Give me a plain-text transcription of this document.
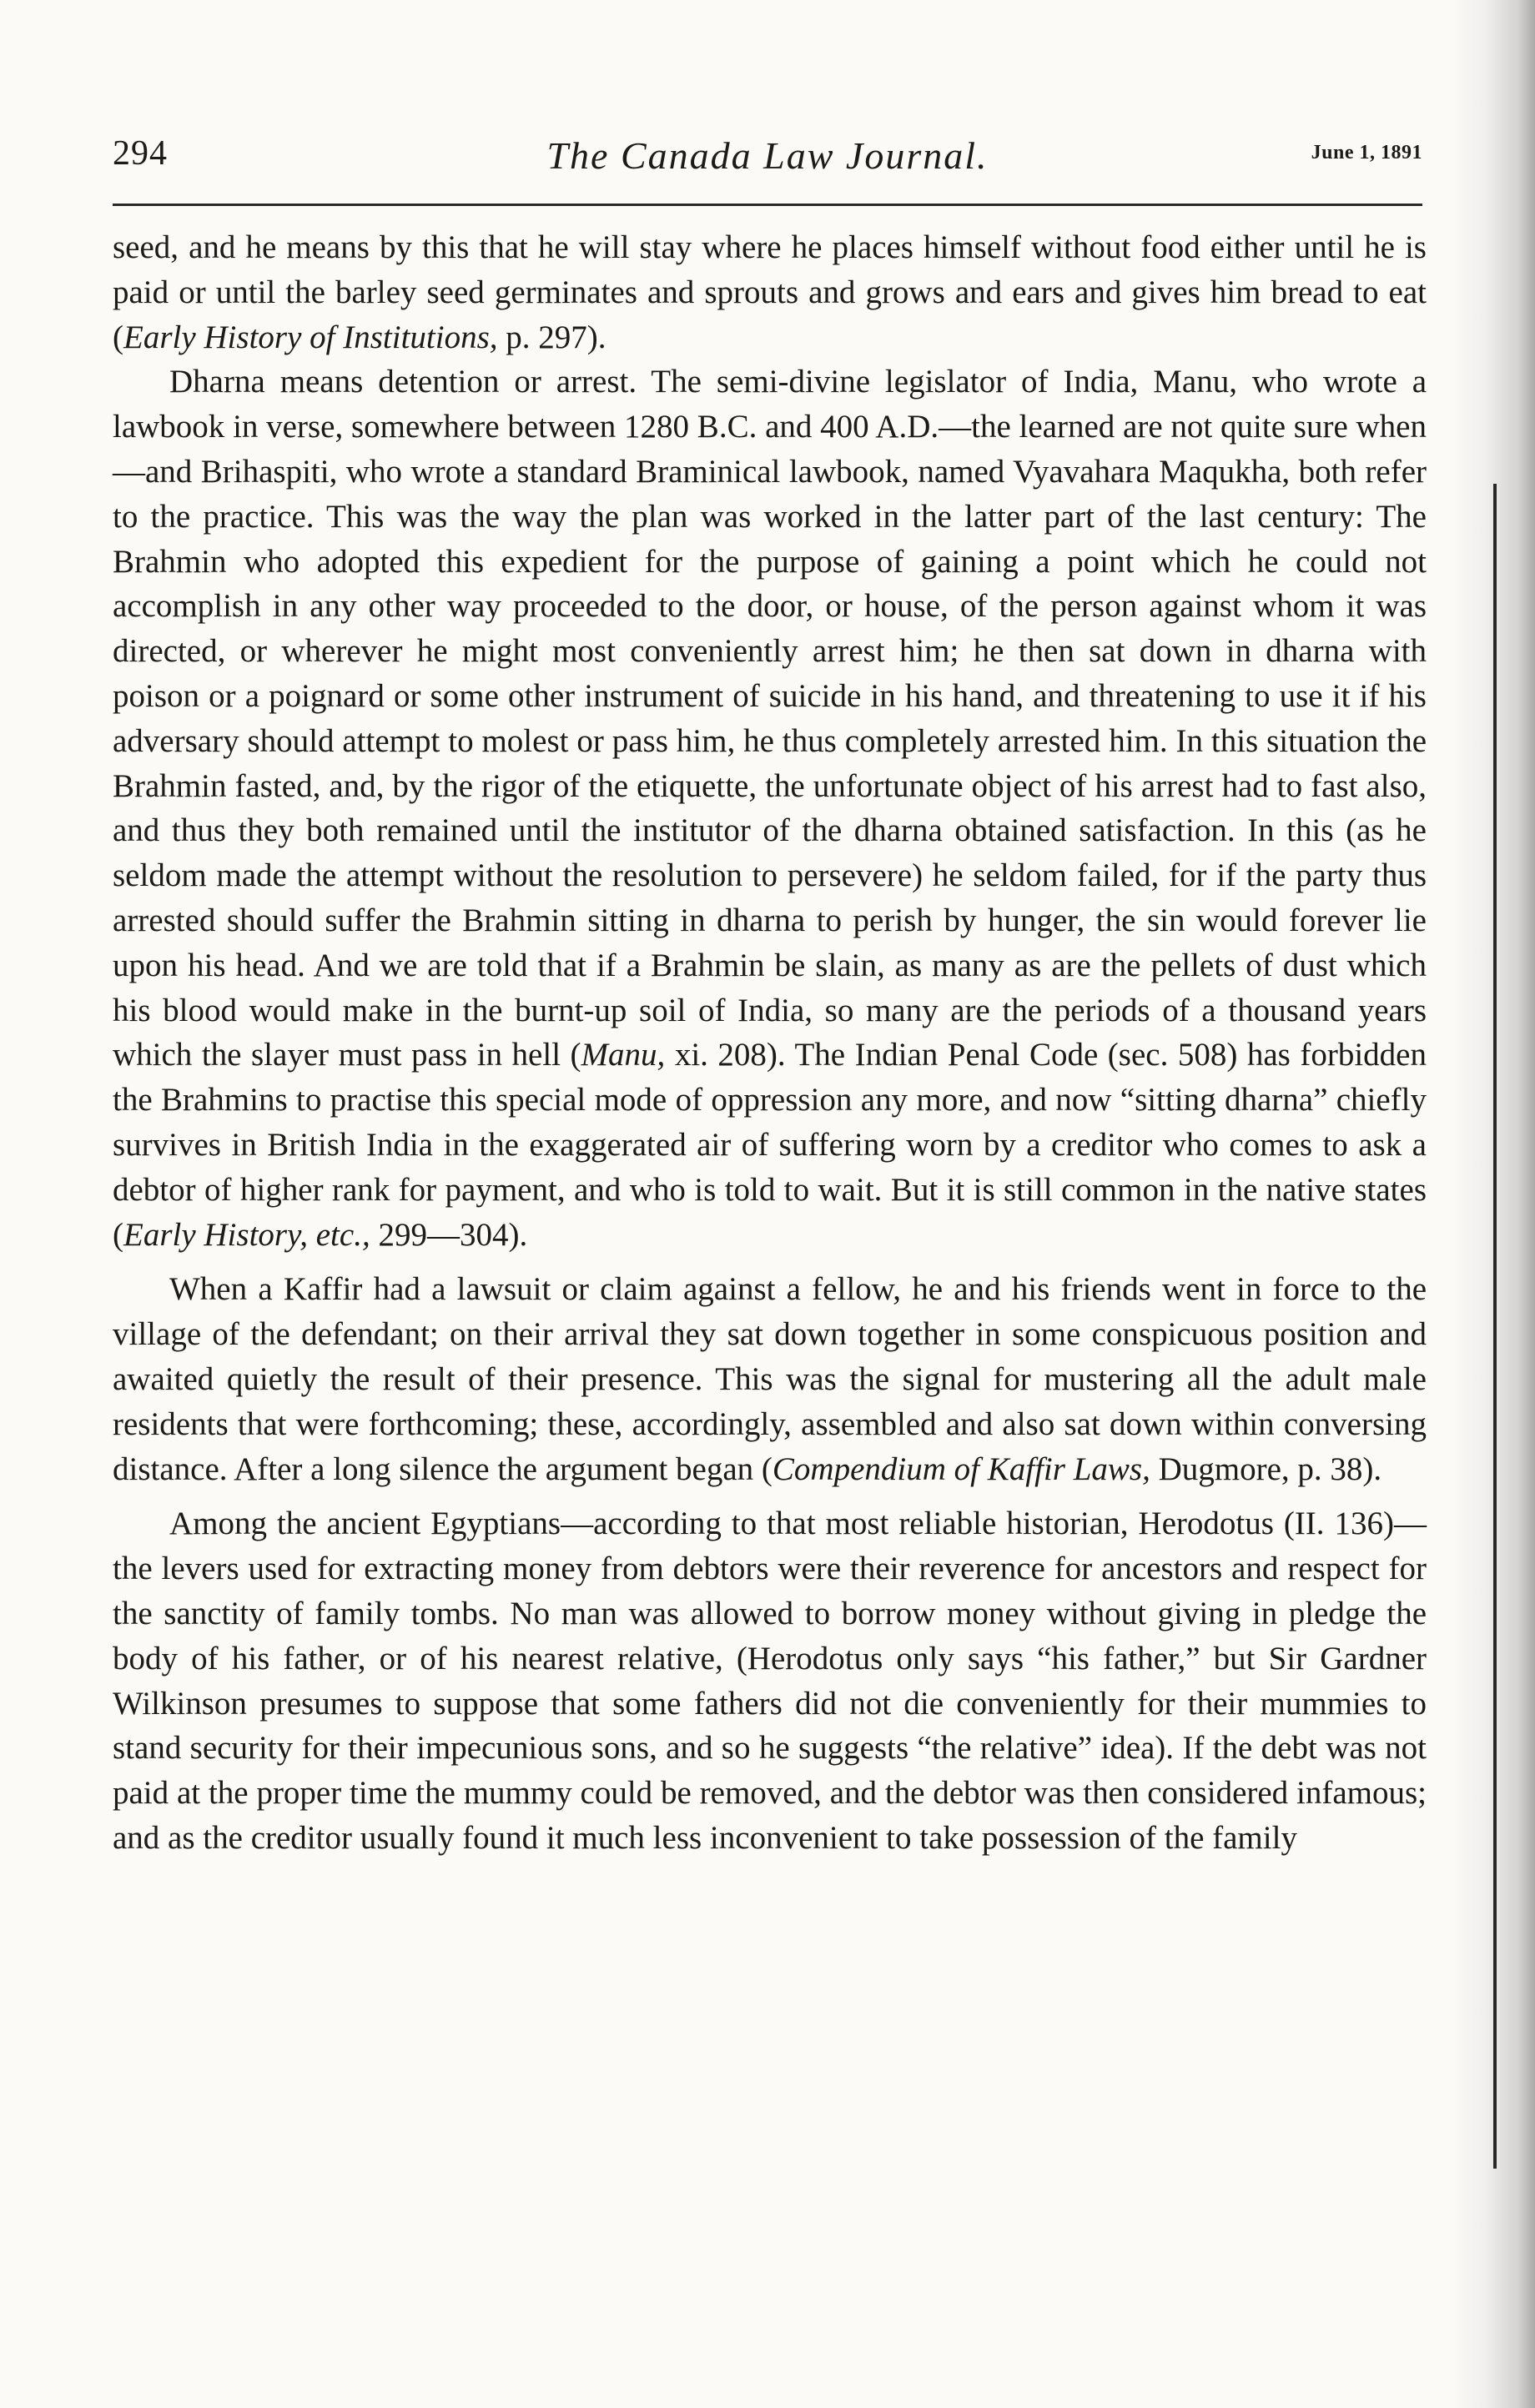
294	The Canada Law Journal.	June 1, 1891

seed, and he means by this that he will stay where he places himself without food either until he is paid or until the barley seed germinates and sprouts and grows and ears and gives him bread to eat (Early History of Institutions, p. 297).

Dharna means detention or arrest. The semi-divine legislator of India, Manu, who wrote a lawbook in verse, somewhere between 1280 B.C. and 400 A.D.—the learned are not quite sure when—and Brihaspiti, who wrote a standard Braminical lawbook, named Vyavahara Maqukha, both refer to the practice. This was the way the plan was worked in the latter part of the last century: The Brahmin who adopted this expedient for the purpose of gaining a point which he could not accomplish in any other way proceeded to the door, or house, of the person against whom it was directed, or wherever he might most conveniently arrest him; he then sat down in dharna with poison or a poignard or some other instrument of suicide in his hand, and threatening to use it if his adversary should attempt to molest or pass him, he thus completely arrested him. In this situation the Brahmin fasted, and, by the rigor of the etiquette, the unfortunate object of his arrest had to fast also, and thus they both remained until the institutor of the dharna obtained satisfaction. In this (as he seldom made the attempt without the resolution to persevere) he seldom failed, for if the party thus arrested should suffer the Brahmin sitting in dharna to perish by hunger, the sin would forever lie upon his head. And we are told that if a Brahmin be slain, as many as are the pellets of dust which his blood would make in the burnt-up soil of India, so many are the periods of a thousand years which the slayer must pass in hell (Manu, xi. 208). The Indian Penal Code (sec. 508) has forbidden the Brahmins to practise this special mode of oppression any more, and now “sitting dharna” chiefly survives in British India in the exaggerated air of suffering worn by a creditor who comes to ask a debtor of higher rank for payment, and who is told to wait. But it is still common in the native states (Early History, etc., 299—304).

When a Kaffir had a lawsuit or claim against a fellow, he and his friends went in force to the village of the defendant; on their arrival they sat down together in some conspicuous position and awaited quietly the result of their presence. This was the signal for mustering all the adult male residents that were forthcoming; these, accordingly, assembled and also sat down within conversing distance. After a long silence the argument began (Compendium of Kaffir Laws, Dugmore, p. 38).

Among the ancient Egyptians—according to that most reliable historian, Herodotus (II. 136)—the levers used for extracting money from debtors were their reverence for ancestors and respect for the sanctity of family tombs. No man was allowed to borrow money without giving in pledge the body of his father, or of his nearest relative, (Herodotus only says “his father,” but Sir Gardner Wilkinson presumes to suppose that some fathers did not die conveniently for their mummies to stand security for their impecunious sons, and so he suggests “the relative” idea). If the debt was not paid at the proper time the mummy could be removed, and the debtor was then considered infamous; and as the creditor usually found it much less inconvenient to take possession of the family
